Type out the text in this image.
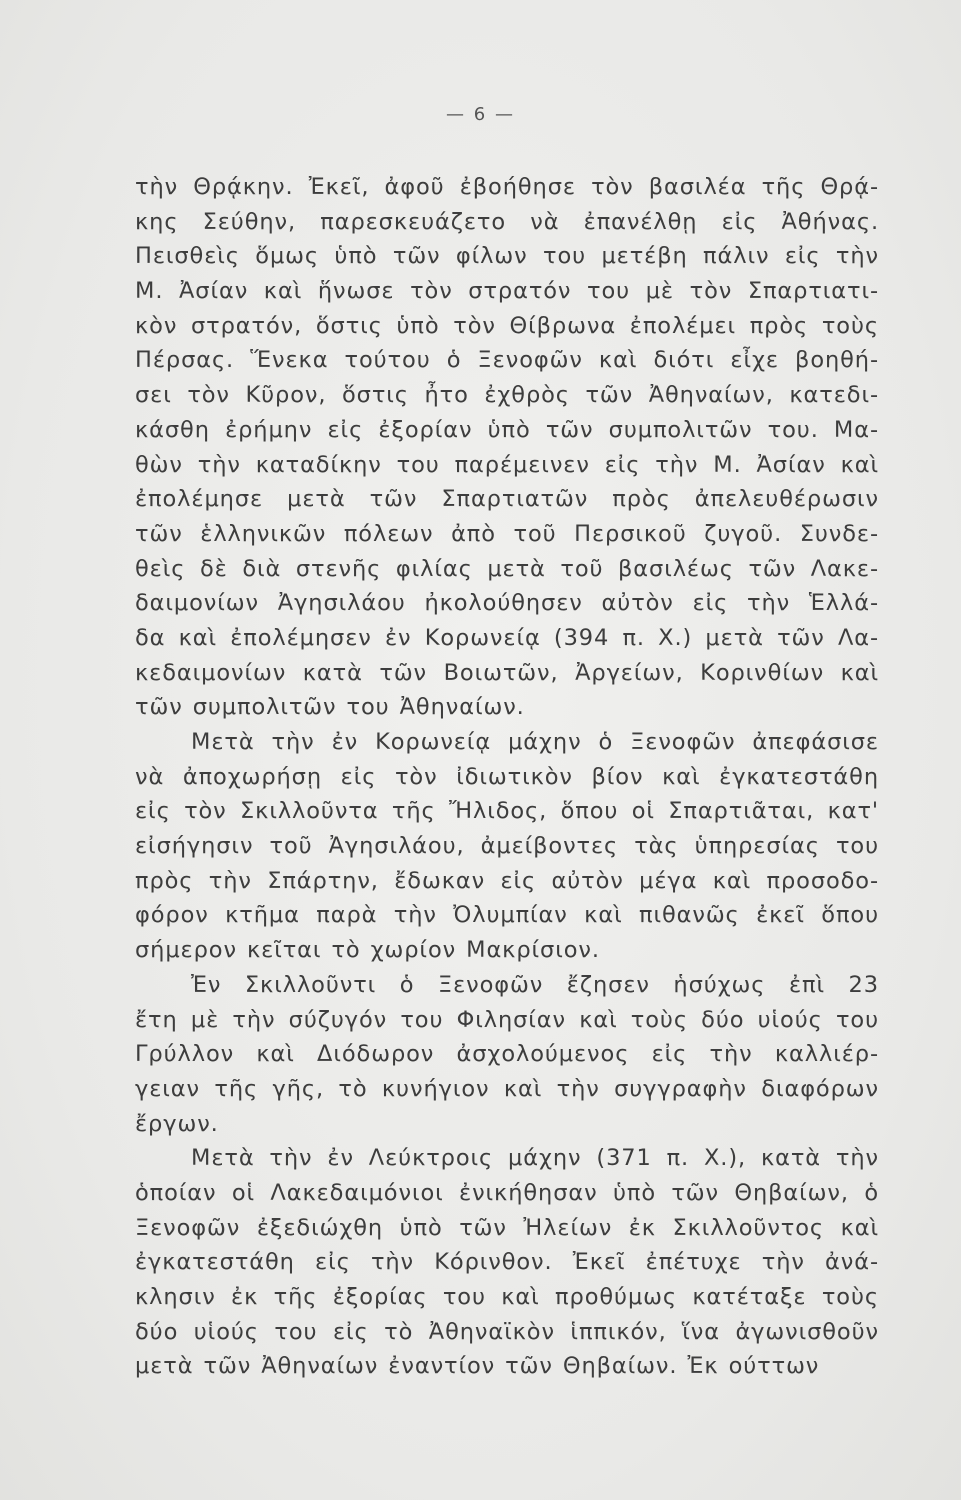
— 6 —
τὴν Θρᾴκην. Ἐκεῖ, ἀφοῦ ἐβοήθησε τὸν βασιλέα τῆς Θρᾴ-
κης Σεύθην, παρεσκευάζετο νὰ ἐπανέλθῃ εἰς Ἀθήνας.
Πεισθεὶς ὅμως ὑπὸ τῶν φίλων του μετέβη πάλιν εἰς τὴν
Μ. Ἀσίαν καὶ ἥνωσε τὸν στρατόν του μὲ τὸν Σπαρτιατι-
κὸν στρατόν, ὅστις ὑπὸ τὸν Θίβρωνα ἐπολέμει πρὸς τοὺς
Πέρσας. Ἕνεκα τούτου ὁ Ξενοφῶν καὶ διότι εἶχε βοηθή-
σει τὸν Κῦρον, ὅστις ἦτο ἐχθρὸς τῶν Ἀθηναίων, κατεδι-
κάσθη ἐρήμην εἰς ἐξορίαν ὑπὸ τῶν συμπολιτῶν του. Μα-
θὼν τὴν καταδίκην του παρέμεινεν εἰς τὴν Μ. Ἀσίαν καὶ
ἐπολέμησε μετὰ τῶν Σπαρτιατῶν πρὸς ἀπελευθέρωσιν
τῶν ἑλληνικῶν πόλεων ἀπὸ τοῦ Περσικοῦ ζυγοῦ. Συνδε-
θεὶς δὲ διὰ στενῆς φιλίας μετὰ τοῦ βασιλέως τῶν Λακε-
δαιμονίων Ἀγησιλάου ἠκολούθησεν αὐτὸν εἰς τὴν Ἑλλά-
δα καὶ ἐπολέμησεν ἐν Κορωνείᾳ (394 π. Χ.) μετὰ τῶν Λα-
κεδαιμονίων κατὰ τῶν Βοιωτῶν, Ἀργείων, Κορινθίων καὶ
τῶν συμπολιτῶν του Ἀθηναίων.
Μετὰ τὴν ἐν Κορωνείᾳ μάχην ὁ Ξενοφῶν ἀπεφάσισε
νὰ ἀποχωρήσῃ εἰς τὸν ἰδιωτικὸν βίον καὶ ἐγκατεστάθη
εἰς τὸν Σκιλλοῦντα τῆς Ἤλιδος, ὅπου οἱ Σπαρτιᾶται, κατ'
εἰσήγησιν τοῦ Ἀγησιλάου, ἀμείβοντες τὰς ὑπηρεσίας του
πρὸς τὴν Σπάρτην, ἔδωκαν εἰς αὐτὸν μέγα καὶ προσοδο-
φόρον κτῆμα παρὰ τὴν Ὀλυμπίαν καὶ πιθανῶς ἐκεῖ ὅπου
σήμερον κεῖται τὸ χωρίον Μακρίσιον.
Ἐν Σκιλλοῦντι ὁ Ξενοφῶν ἔζησεν ἡσύχως ἐπὶ 23
ἔτη μὲ τὴν σύζυγόν του Φιλησίαν καὶ τοὺς δύο υἱούς του
Γρύλλον καὶ Διόδωρον ἀσχολούμενος εἰς τὴν καλλιέρ-
γειαν τῆς γῆς, τὸ κυνήγιον καὶ τὴν συγγραφὴν διαφόρων
ἔργων.
Μετὰ τὴν ἐν Λεύκτροις μάχην (371 π. Χ.), κατὰ τὴν
ὁποίαν οἱ Λακεδαιμόνιοι ἐνικήθησαν ὑπὸ τῶν Θηβαίων, ὁ
Ξενοφῶν ἐξεδιώχθη ὑπὸ τῶν Ἠλείων ἐκ Σκιλλοῦντος καὶ
ἐγκατεστάθη εἰς τὴν Κόρινθον. Ἐκεῖ ἐπέτυχε τὴν ἀνά-
κλησιν ἐκ τῆς ἐξορίας του καὶ προθύμως κατέταξε τοὺς
δύο υἱούς του εἰς τὸ Ἀθηναϊκὸν ἱππικόν, ἵνα ἀγωνισθοῦν
μετὰ τῶν Ἀθηναίων ἐναντίον τῶν Θηβαίων. Ἐκ ούττων
